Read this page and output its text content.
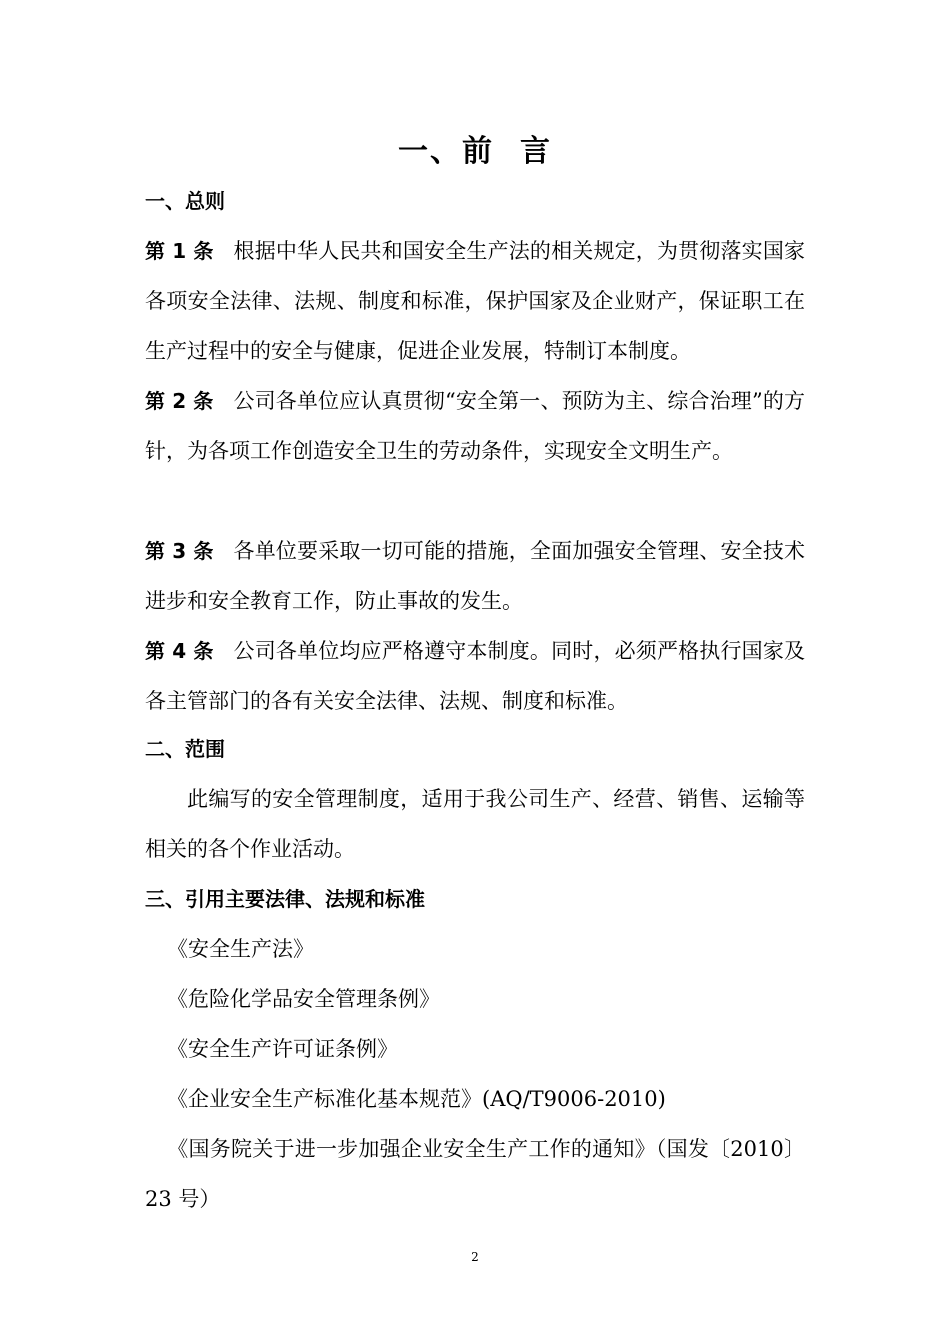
一、前 言
一、总则
第 1 条 根据中华人民共和国安全生产法的相关规定，为贯彻落实国家各项安全法律、法规、制度和标准，保护国家及企业财产，保证职工在生产过程中的安全与健康，促进企业发展，特制订本制度。
第 2 条 公司各单位应认真贯彻“安全第一、预防为主、综合治理”的方针，为各项工作创造安全卫生的劳动条件，实现安全文明生产。
第 3 条 各单位要采取一切可能的措施，全面加强安全管理、安全技术进步和安全教育工作，防止事故的发生。
第 4 条 公司各单位均应严格遵守本制度。同时，必须严格执行国家及各主管部门的各有关安全法律、法规、制度和标准。
二、范围
此编写的安全管理制度，适用于我公司生产、经营、销售、运输等相关的各个作业活动。
三、引用主要法律、法规和标准
《安全生产法》
《危险化学品安全管理条例》
《安全生产许可证条例》
《企业安全生产标准化基本规范》(AQ/T9006-2010)
《国务院关于进一步加强企业安全生产工作的通知》（国发〔2010〕23 号）
2
